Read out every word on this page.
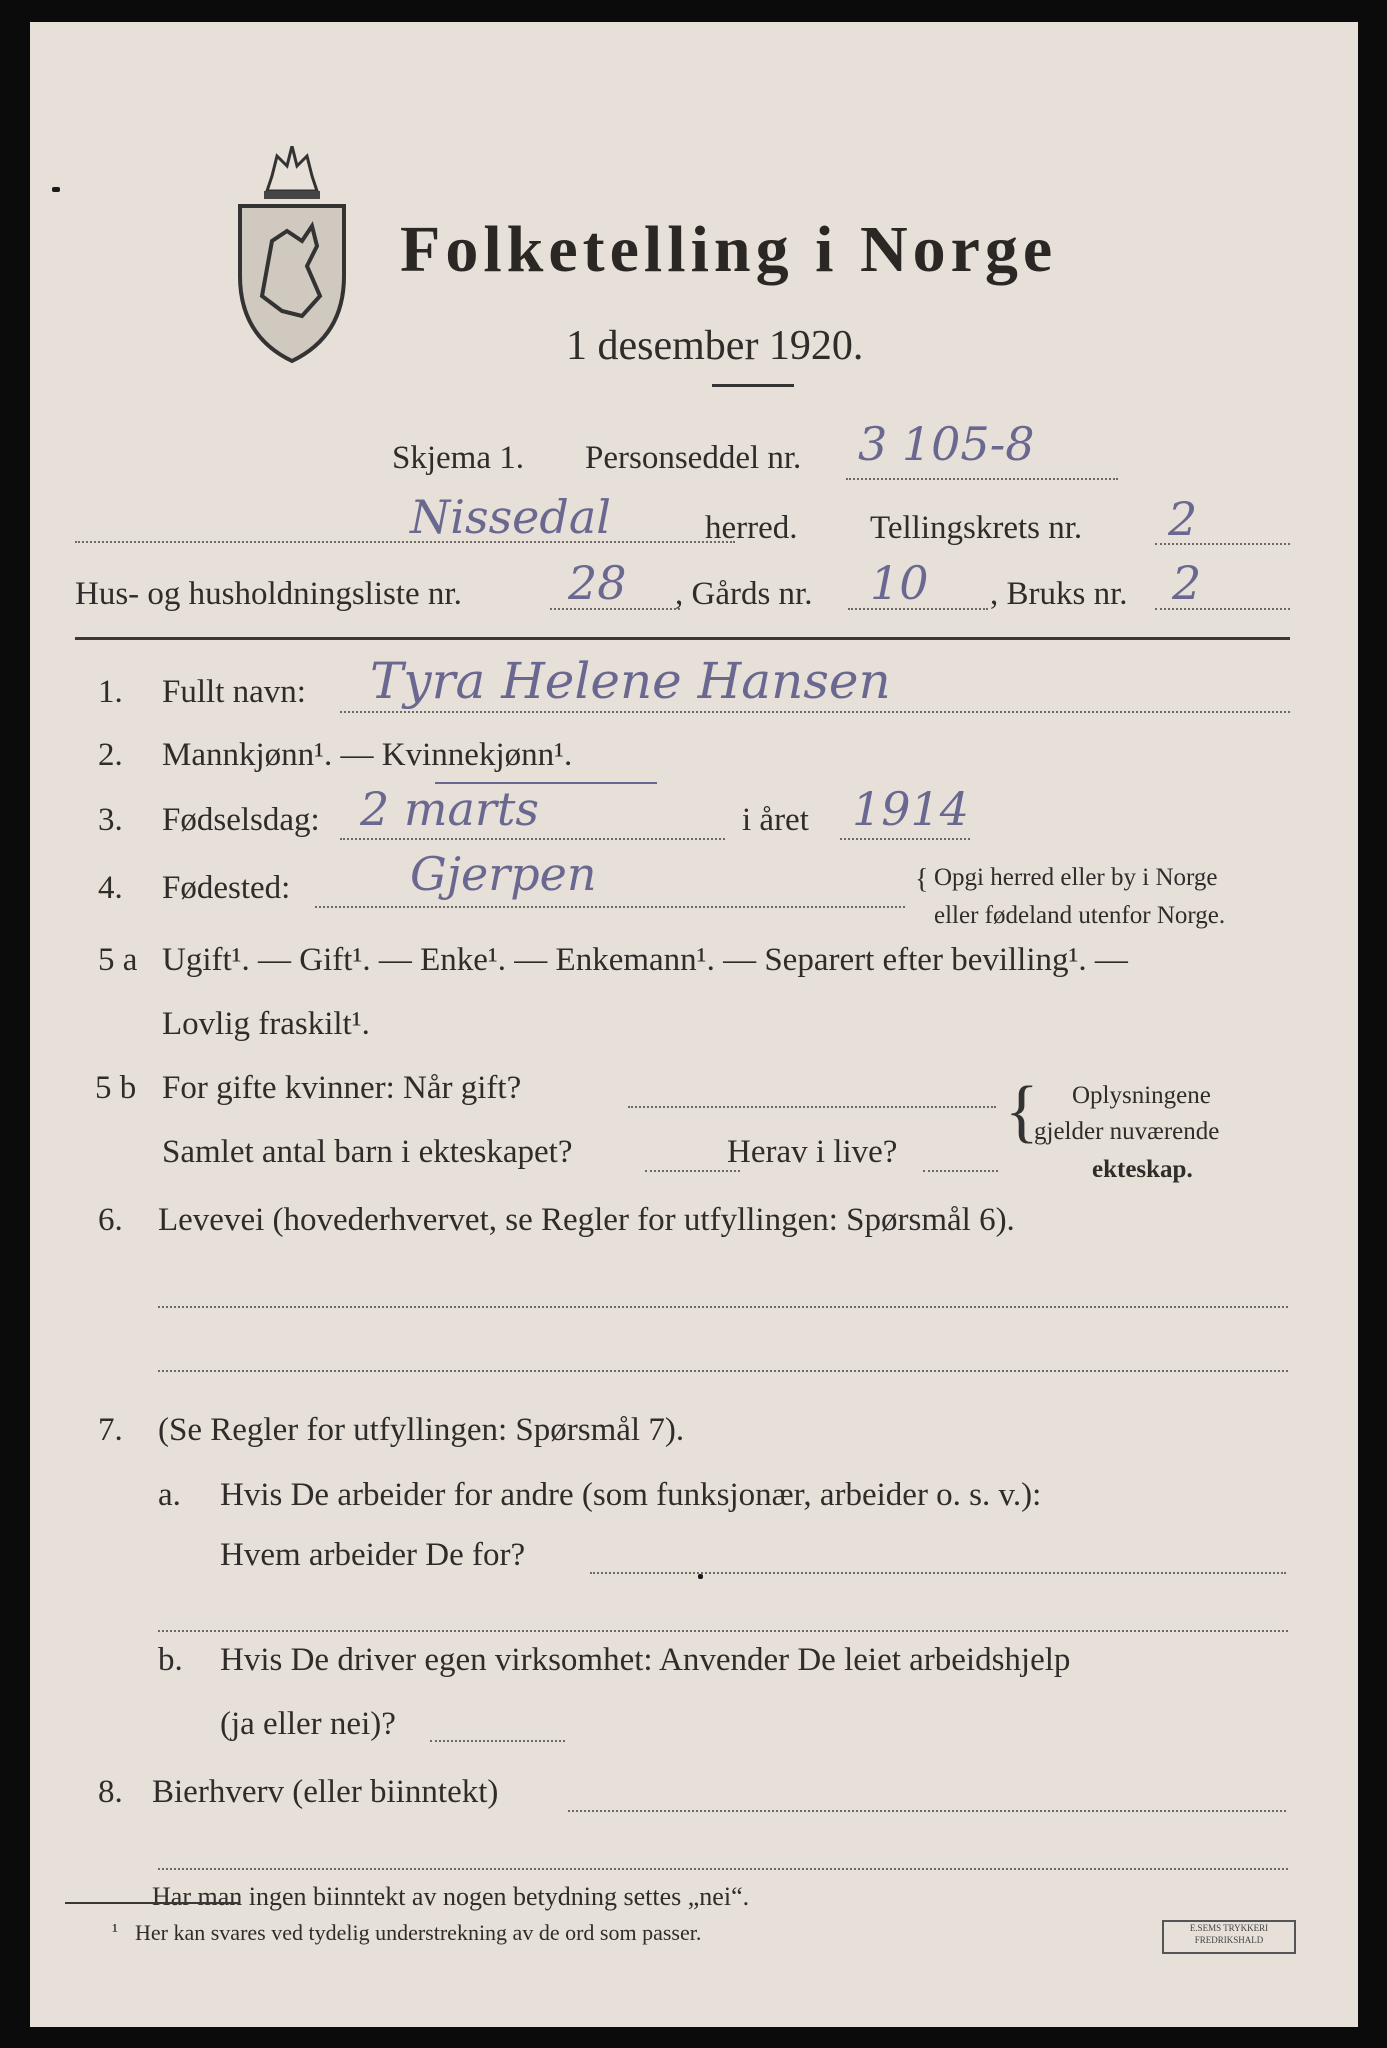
Folketelling i Norge
1 desember 1920.
Skjema 1. Personseddel nr. 3 105-8
Nissedal	herred. Tellingskrets nr. 2
Hus- og husholdningsliste nr. 28 , Gårds nr. 10 , Bruks nr. 2
1. Fullt navn: Tyra Helene Hansen
2. Mannkjønn¹. — Kvinnekjønn¹.
3. Fødselsdag: 2 marts	i året 1914
4. Fødested:	Gjerpen	{ Opgi herred eller by i Norge
eller fødeland utenfor Norge.
5 a Ugift¹. — Gift¹. — Enke¹. — Enkemann¹. — Separert efter bevilling¹. —
Lovlig fraskilt¹.
5 b For gifte kvinner: Når gift?
Samlet antal barn i ekteskapet?	Herav i live?
{ Oplysningene
gjelder nuværende
ekteskap.
6. Levevei (hovederhvervet, se Regler for utfyllingen: Spørsmål 6).
7. (Se Regler for utfyllingen: Spørsmål 7).
a. Hvis De arbeider for andre (som funksjonær, arbeider o. s. v.):
Hvem arbeider De for?
b. Hvis De driver egen virksomhet: Anvender De leiet arbeidshjelp
(ja eller nei)?
8. Bierhverv (eller biinntekt)
Har man ingen biinntekt av nogen betydning settes „nei“.
¹ Her kan svares ved tydelig understrekning av de ord som passer.	E.SEMS TRYKKERI
FREDRIKSHALD
